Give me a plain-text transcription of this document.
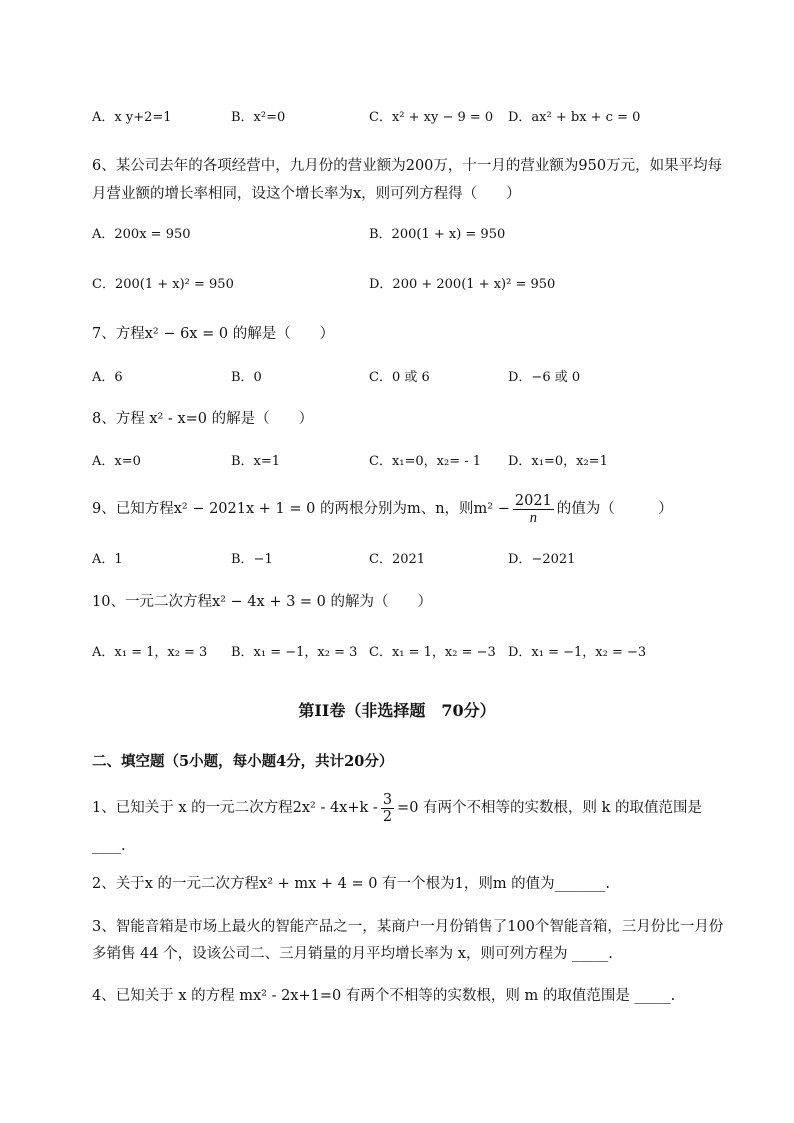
A．x y+2=1	B．x²=0	C．x² + xy − 9 = 0 D．ax² + bx + c = 0
6、某公司去年的各项经营中，九月份的营业额为200万，十一月的营业额为950万元，如果平均每
月营业额的增长率相同，设这个增长率为x，则可列方程得（　　）
A．200x = 950	B．200(1 + x) = 950
C．200(1 + x)² = 950	D．200 + 200(1 + x)² = 950
7、方程x² − 6x = 0 的解是（　　）
A．6	B．0	C．0 或 6	D．−6 或 0
8、方程 x² - x=0 的解是（　　）
A．x=0	B．x=1	C．x₁=0，x₂= - 1 D．x₁=0，x₂=1
9、已知方程x² − 2021x + 1 = 0 的两根分别为m、n，则$m^2 - \frac{2021}{n}$ 的值为（　　　）
A．1	B．−1	C．2021	D．−2021
10、一元二次方程x² − 4x + 3 = 0 的解为（　　）
A．x₁ = 1，x₂ = 3 B．x₁ = −1，x₂ = 3 C．x₁ = 1，x₂ = −3 D．x₁ = −1，x₂ = −3
第II卷（非选择题　70分）
二、填空题（5小题，每小题4分，共计20分）
1、已知关于 x 的一元二次方程$2x^2 - 4x+k - \frac{3}{2} =0$ 有两个不相等的实数根，则 k 的取值范围是
____.
2、关于x 的一元二次方程x² + mx + 4 = 0 有一个根为1，则m 的值为_______.
3、智能音箱是市场上最火的智能产品之一，某商户一月份销售了100个智能音箱，三月份比一月份
多销售 44 个，设该公司二、三月销量的月平均增长率为 x，则可列方程为 _____.
4、已知关于 x 的方程 mx² - 2x+1=0 有两个不相等的实数根，则 m 的取值范围是 _____.
